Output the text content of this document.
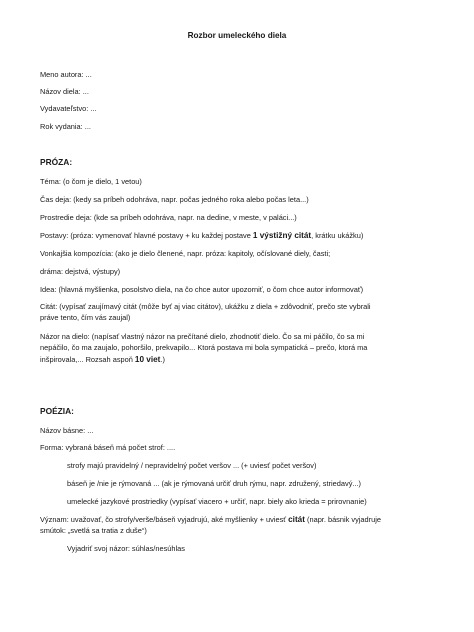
Rozbor umeleckého diela
Meno autora: ...
Názov diela: ...
Vydavateľstvo: ...
Rok vydania: ...
PRÓZA:
Téma: (o čom je dielo, 1 vetou)
Čas deja: (kedy sa príbeh odohráva, napr. počas jedného roka alebo počas leta...)
Prostredie deja: (kde sa príbeh odohráva, napr. na dedine, v meste, v paláci...)
Postavy: (próza: vymenovať hlavné postavy + ku každej postave 1 výstižný citát, krátku ukážku)
Vonkajšia kompozícia: (ako je dielo členené, napr. próza: kapitoly, očíslované diely, časti;
dráma: dejstvá, výstupy)
Idea: (hlavná myšlienka, posolstvo diela, na čo chce autor upozorniť, o čom chce autor informovať)
Citát: (vypísať zaujímavý citát (môže byť aj viac citátov), ukážku z diela + zdôvodniť, prečo ste vybrali
práve tento, čím vás zaujal)
Názor na dielo: (napísať vlastný názor na prečítané dielo, zhodnotiť dielo. Čo sa mi páčilo, čo sa mi
nepáčilo, čo ma zaujalo, pohoršilo, prekvapilo... Ktorá postava mi bola sympatická – prečo, ktorá ma
inšpirovala,... Rozsah aspoň 10 viet.)
POÉZIA:
Názov básne: ...
Forma: vybraná báseň má počet strof: ....
strofy majú pravidelný / nepravidelný počet veršov ... (+ uviesť počet veršov)
báseň je /nie je rýmovaná ... (ak je rýmovaná určiť druh rýmu, napr. združený, striedavý...)
umelecké jazykové prostriedky (vypísať viacero + určiť, napr. biely ako krieda = prirovnanie)
Význam: uvažovať, čo strofy/verše/báseň vyjadrujú, aké myšlienky + uviesť citát (napr. básnik vyjadruje
smútok: „svetlá sa tratia z duše“)
Vyjadriť svoj názor: súhlas/nesúhlas
